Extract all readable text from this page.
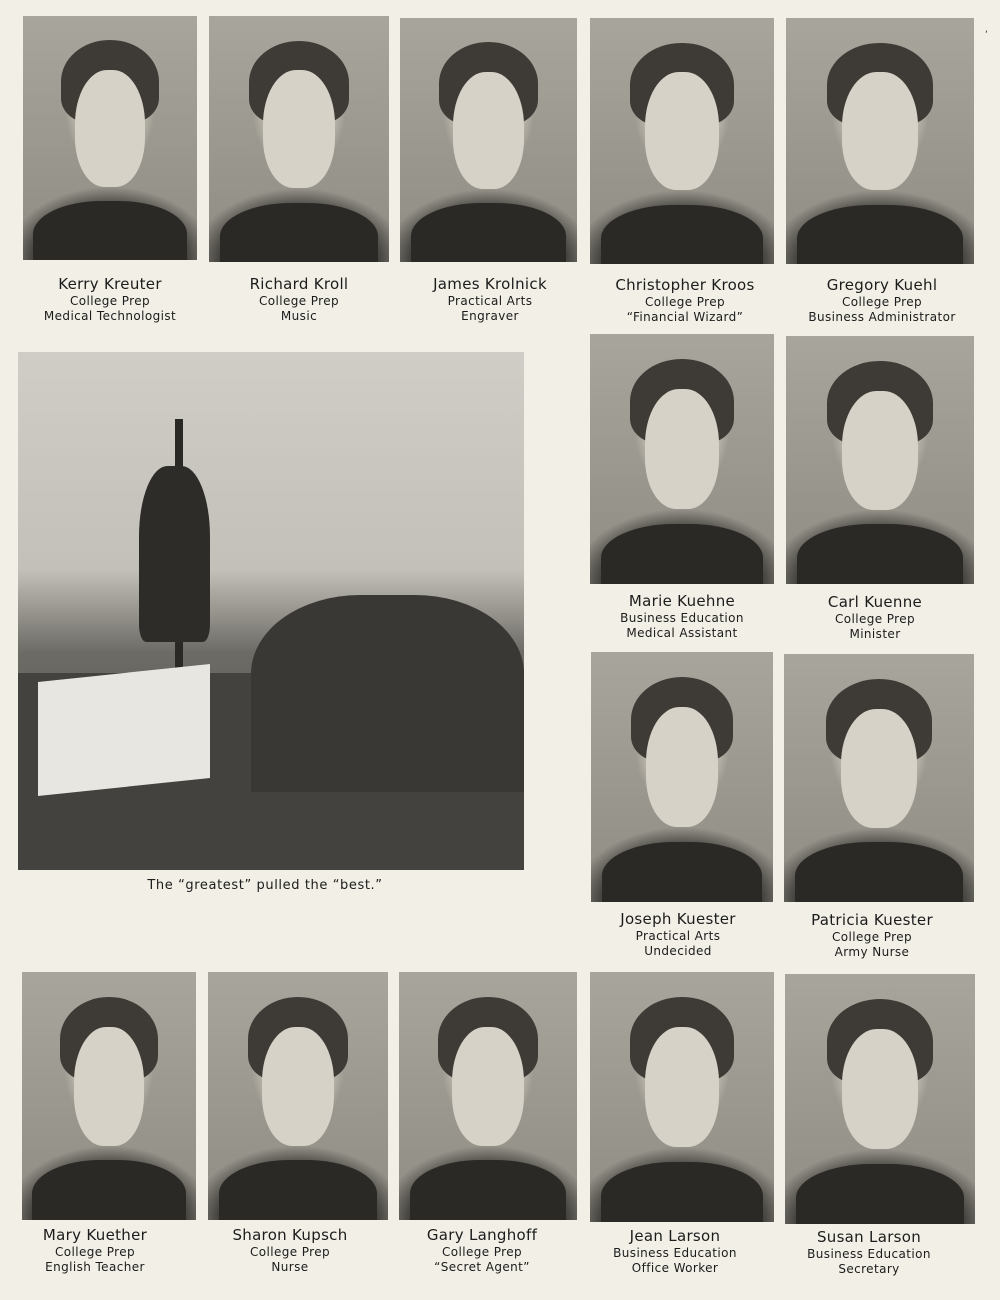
Kerry Kreuter
College Prep
Medical Technologist
Richard Kroll
College Prep
Music
James Krolnick
Practical Arts
Engraver
Christopher Kroos
College Prep
“Financial Wizard”
Gregory Kuehl
College Prep
Business Administrator
The “greatest” pulled the “best.”
Marie Kuehne
Business Education
Medical Assistant
Carl Kuenne
College Prep
Minister
Joseph Kuester
Practical Arts
Undecided
Patricia Kuester
College Prep
Army Nurse
Mary Kuether
College Prep
English Teacher
Sharon Kupsch
College Prep
Nurse
Gary Langhoff
College Prep
“Secret Agent”
Jean Larson
Business Education
Office Worker
Susan Larson
Business Education
Secretary
‘
